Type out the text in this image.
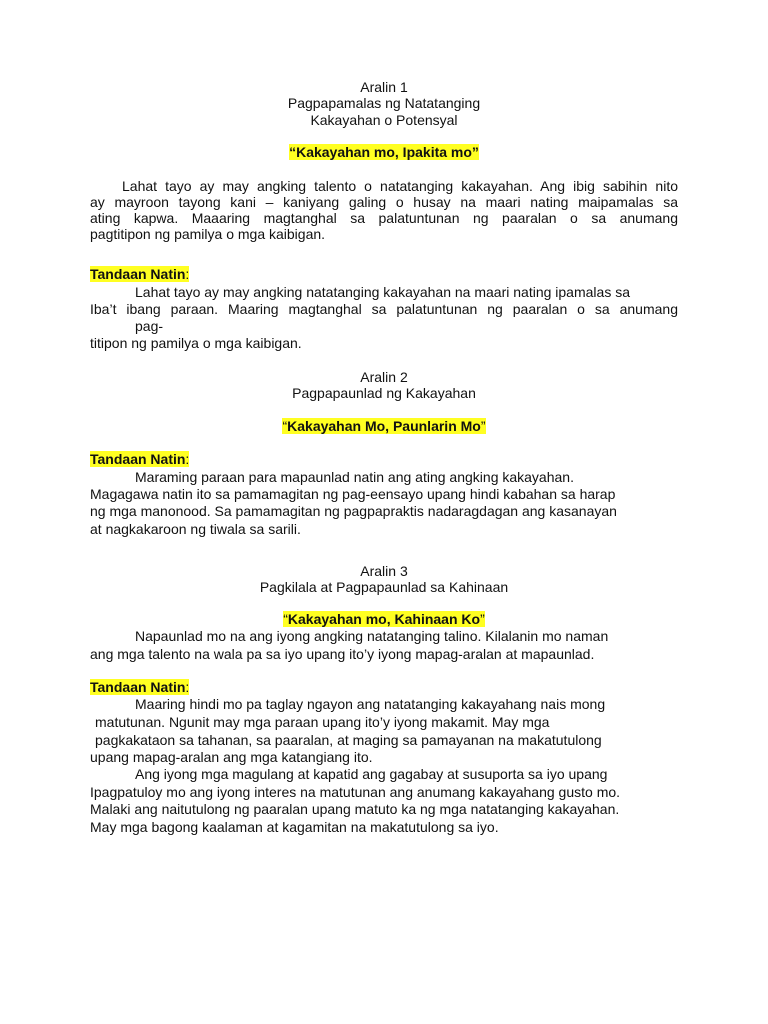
Aralin 1
Pagpapamalas ng Natatanging
Kakayahan o Potensyal
“Kakayahan mo, Ipakita mo”
Lahat tayo ay may angking talento o natatanging kakayahan. Ang ibig sabihin nito
ay mayroon tayong kani – kaniyang galing o husay na maari nating maipamalas sa
ating kapwa. Maaaring magtanghal sa palatuntunan ng paaralan o sa anumang
pagtitipon ng pamilya o mga kaibigan.
Tandaan Natin:
Lahat tayo ay may angking natatanging kakayahan na maari nating ipamalas sa
Iba’t ibang paraan. Maaring magtanghal sa palatuntunan ng paaralan o sa anumang
pag-
titipon ng pamilya o mga kaibigan.
Aralin 2
Pagpapaunlad ng Kakayahan
“Kakayahan Mo, Paunlarin Mo”
Tandaan Natin:
Maraming paraan para mapaunlad natin ang ating angking kakayahan.
Magagawa natin ito sa pamamagitan ng pag-eensayo upang hindi kabahan sa harap
ng mga manonood. Sa pamamagitan ng pagpapraktis nadaragdagan ang kasanayan
at nagkakaroon ng tiwala sa sarili.
Aralin 3
Pagkilala at Pagpapaunlad sa Kahinaan
“Kakayahan mo, Kahinaan Ko”
Napaunlad mo na ang iyong angking natatanging talino. Kilalanin mo naman
ang mga talento na wala pa sa iyo upang ito’y iyong mapag-aralan at mapaunlad.
Tandaan Natin:
Maaring hindi mo pa taglay ngayon ang natatanging kakayahang nais mong
matutunan. Ngunit may mga paraan upang ito’y iyong makamit. May mga
pagkakataon sa tahanan, sa paaralan, at maging sa pamayanan na makatutulong
upang mapag-aralan ang mga katangiang ito.
Ang iyong mga magulang at kapatid ang gagabay at susuporta sa iyo upang
Ipagpatuloy mo ang iyong interes na matutunan ang anumang kakayahang gusto mo.
Malaki ang naitutulong ng paaralan upang matuto ka ng mga natatanging kakayahan.
May mga bagong kaalaman at kagamitan na makatutulong sa iyo.
